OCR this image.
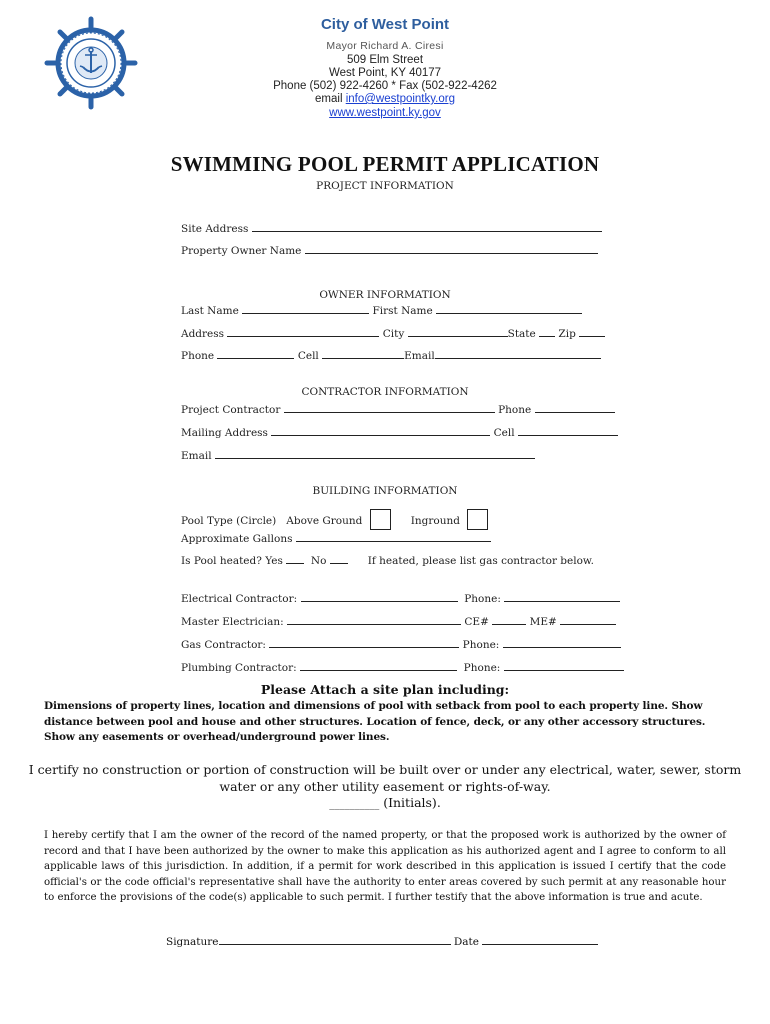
City of West Point
Mayor Richard A. Ciresi
509 Elm Street
West Point, KY 40177
Phone (502) 922-4260 * Fax (502-922-4262
email info@westpointky.org
www.westpoint.ky.gov
SWIMMING POOL PERMIT APPLICATION
PROJECT INFORMATION
Site Address
Property Owner Name
OWNER INFORMATION
Last Name	First Name
Address	City	State Zip
Phone	Cell	Email
CONTRACTOR INFORMATION
Project Contractor	Phone
Mailing Address	Cell
Email
BUILDING INFORMATION
Pool Type (Circle) Above Ground	Inground
Approximate Gallons
Is Pool heated? Yes	No	If heated, please list gas contractor below.
Electrical Contractor:	Phone:
Master Electrician:	CE#	ME#
Gas Contractor:	Phone:
Plumbing Contractor:	Phone:
Please Attach a site plan including:
Dimensions of property lines, location and dimensions of pool with setback from pool to each property line. Show distance between pool and house and other structures. Location of fence, deck, or any other accessory structures. Show any easements or overhead/underground power lines.
I certify no construction or portion of construction will be built over or under any electrical, water, sewer, storm
water or any other utility easement or rights-of-way.
__________ (Initials).
I hereby certify that I am the owner of the record of the named property, or that the proposed work is authorized by the owner of record and that I have been authorized by the owner to make this application as his authorized agent and I agree to conform to all applicable laws of this jurisdiction. In addition, if a permit for work described in this application is issued I certify that the code official's or the code official's representative shall have the authority to enter areas covered by such permit at any reasonable hour to enforce the provisions of the code(s) applicable to such permit. I further testify that the above information is true and acute.
Signature	Date
